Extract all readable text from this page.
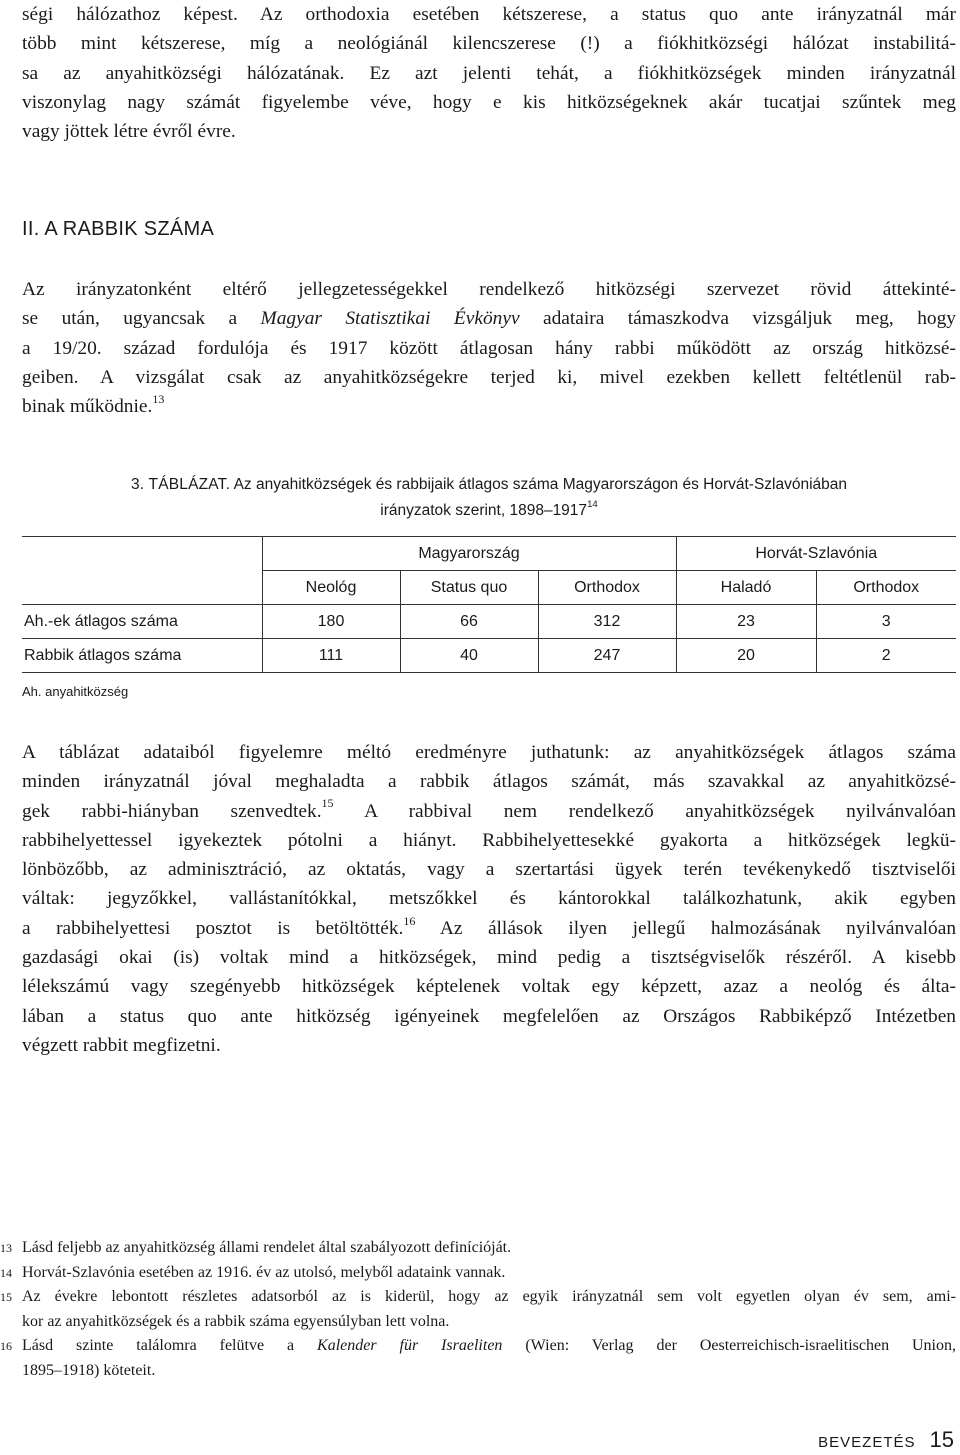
ségi hálózathoz képest. Az orthodoxia esetében kétszerese, a status quo ante irányzatnál már
több mint kétszerese, míg a neológiánál kilencszerese (!) a fiókhitközségi hálózat instabilitá-
sa az anyahitközségi hálózatának. Ez azt jelenti tehát, a fiókhitközségek minden irányzatnál
viszonylag nagy számát figyelembe véve, hogy e kis hitközségeknek akár tucatjai szűntek meg
vagy jöttek létre évről évre.
II. A RABBIK SZÁMA
Az irányzatonként eltérő jellegzetességekkel rendelkező hitközségi szervezet rövid áttekinté-
se után, ugyancsak a Magyar Statisztikai Évkönyv adataira támaszkodva vizsgáljuk meg, hogy
a 19/20. század fordulója és 1917 között átlagosan hány rabbi működött az ország hitközsé-
geiben. A vizsgálat csak az anyahitközségekre terjed ki, mivel ezekben kellett feltétlenül rab-
binak működnie.$^{13}$
3. TÁBLÁZAT. Az anyahitközségek és rabbijaik átlagos száma Magyarországon és Horvát-Szlavóniában
irányzatok szerint, 1898–1917$^{14}$
	Magyarország			Horvát-Szlavónia	
	Neológ	Status quo	Orthodox	Haladó	Orthodox
Ah.-ek átlagos száma	180	66	312	23	3
Rabbik átlagos száma	111	40	247	20	2
Ah. anyahitközség
A táblázat adataiból figyelemre méltó eredményre juthatunk: az anyahitközségek átlagos száma
minden irányzatnál jóval meghaladta a rabbik átlagos számát, más szavakkal az anyahitközsé-
gek rabbi-hiányban szenvedtek.$^{15}$ A rabbival nem rendelkező anyahitközségek nyilvánvalóan
rabbihelyettessel igyekeztek pótolni a hiányt. Rabbihelyettesekké gyakorta a hitközségek legkü-
lönbözőbb, az adminisztráció, az oktatás, vagy a szertartási ügyek terén tevékenykedő tisztviselői
váltak: jegyzőkkel, vallástanítókkal, metszőkkel és kántorokkal találkozhatunk, akik egyben
a rabbihelyettesi posztot is betöltötték.$^{16}$ Az állások ilyen jellegű halmozásának nyilvánvalóan
gazdasági okai (is) voltak mind a hitközségek, mind pedig a tisztségviselők részéről. A kisebb
lélekszámú vagy szegényebb hitközségek képtelenek voltak egy képzett, azaz a neológ és álta-
lában a status quo ante hitközség igényeinek megfelelően az Országos Rabbiképző Intézetben
végzett rabbit megfizetni.
13 Lásd feljebb az anyahitközség állami rendelet által szabályozott definícióját.
14 Horvát-Szlavónia esetében az 1916. év az utolsó, melyből adataink vannak.
15 Az évekre lebontott részletes adatsorból az is kiderül, hogy az egyik irányzatnál sem volt egyetlen olyan év sem, ami-
kor az anyahitközségek és a rabbik száma egyensúlyban lett volna.
16 Lásd szinte találomra felütve a Kalender für Israeliten (Wien: Verlag der Oesterreichisch-israelitischen Union,
1895–1918) köteteit.
BEVEZETÉS 15
